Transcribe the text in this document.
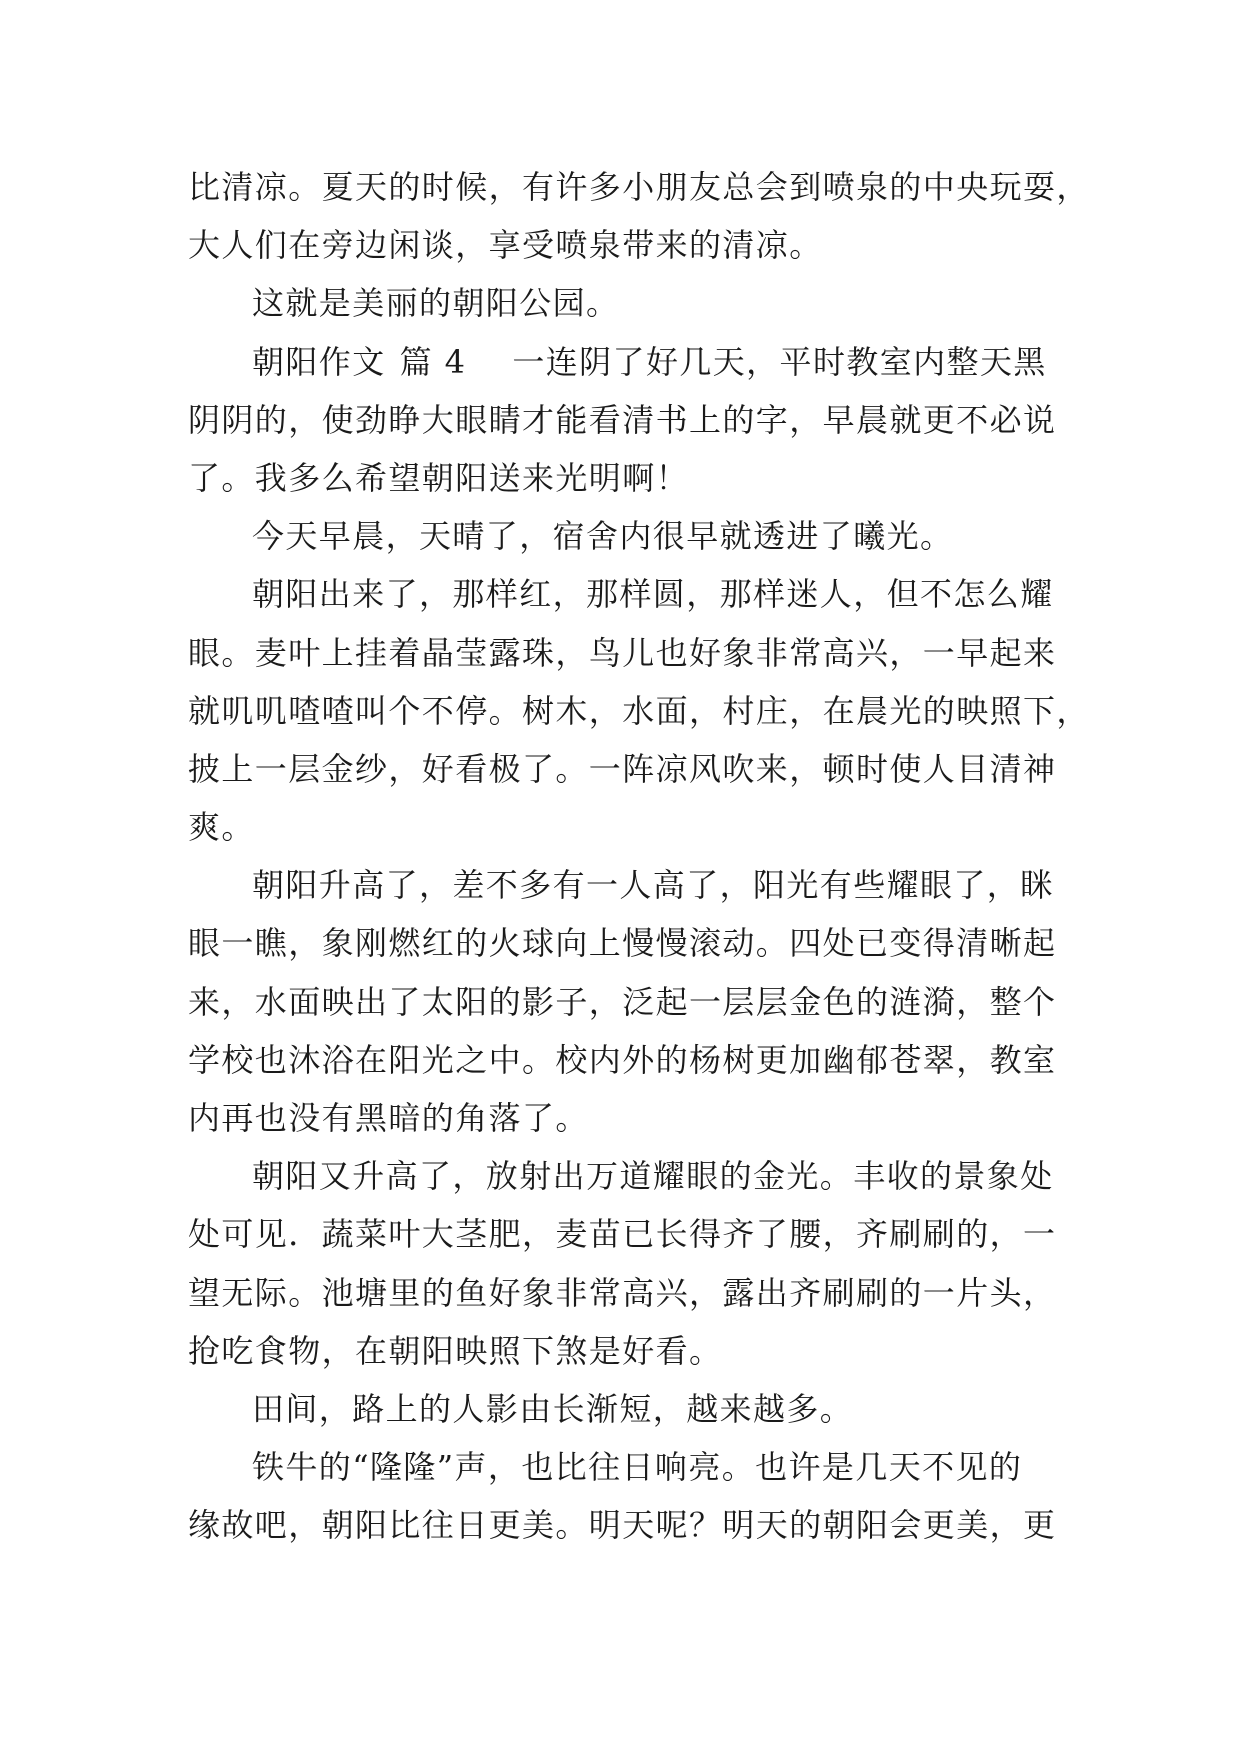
比清凉。夏天的时候，有许多小朋友总会到喷泉的中央玩耍，
大人们在旁边闲谈，享受喷泉带来的清凉。
这就是美丽的朝阳公园。
朝阳作文 篇 4 一连阴了好几天，平时教室内整天黑
阴阴的，使劲睁大眼睛才能看清书上的字，早晨就更不必说
了。我多么希望朝阳送来光明啊！
今天早晨，天晴了，宿舍内很早就透进了曦光。
朝阳出来了，那样红，那样圆，那样迷人，但不怎么耀
眼。麦叶上挂着晶莹露珠，鸟儿也好象非常高兴，一早起来
就叽叽喳喳叫个不停。树木，水面，村庄，在晨光的映照下，
披上一层金纱，好看极了。一阵凉风吹来，顿时使人目清神
爽。
朝阳升高了，差不多有一人高了，阳光有些耀眼了，眯
眼一瞧，象刚燃红的火球向上慢慢滚动。四处已变得清晰起
来，水面映出了太阳的影子，泛起一层层金色的涟漪，整个
学校也沐浴在阳光之中。校内外的杨树更加幽郁苍翠，教室
内再也没有黑暗的角落了。
朝阳又升高了，放射出万道耀眼的金光。丰收的景象处
处可见．蔬菜叶大茎肥，麦苗已长得齐了腰，齐刷刷的，一
望无际。池塘里的鱼好象非常高兴，露出齐刷刷的一片头，
抢吃食物，在朝阳映照下煞是好看。
田间，路上的人影由长渐短，越来越多。
铁牛的“隆隆”声，也比往日响亮。也许是几天不见的
缘故吧，朝阳比往日更美。明天呢？明天的朝阳会更美，更
